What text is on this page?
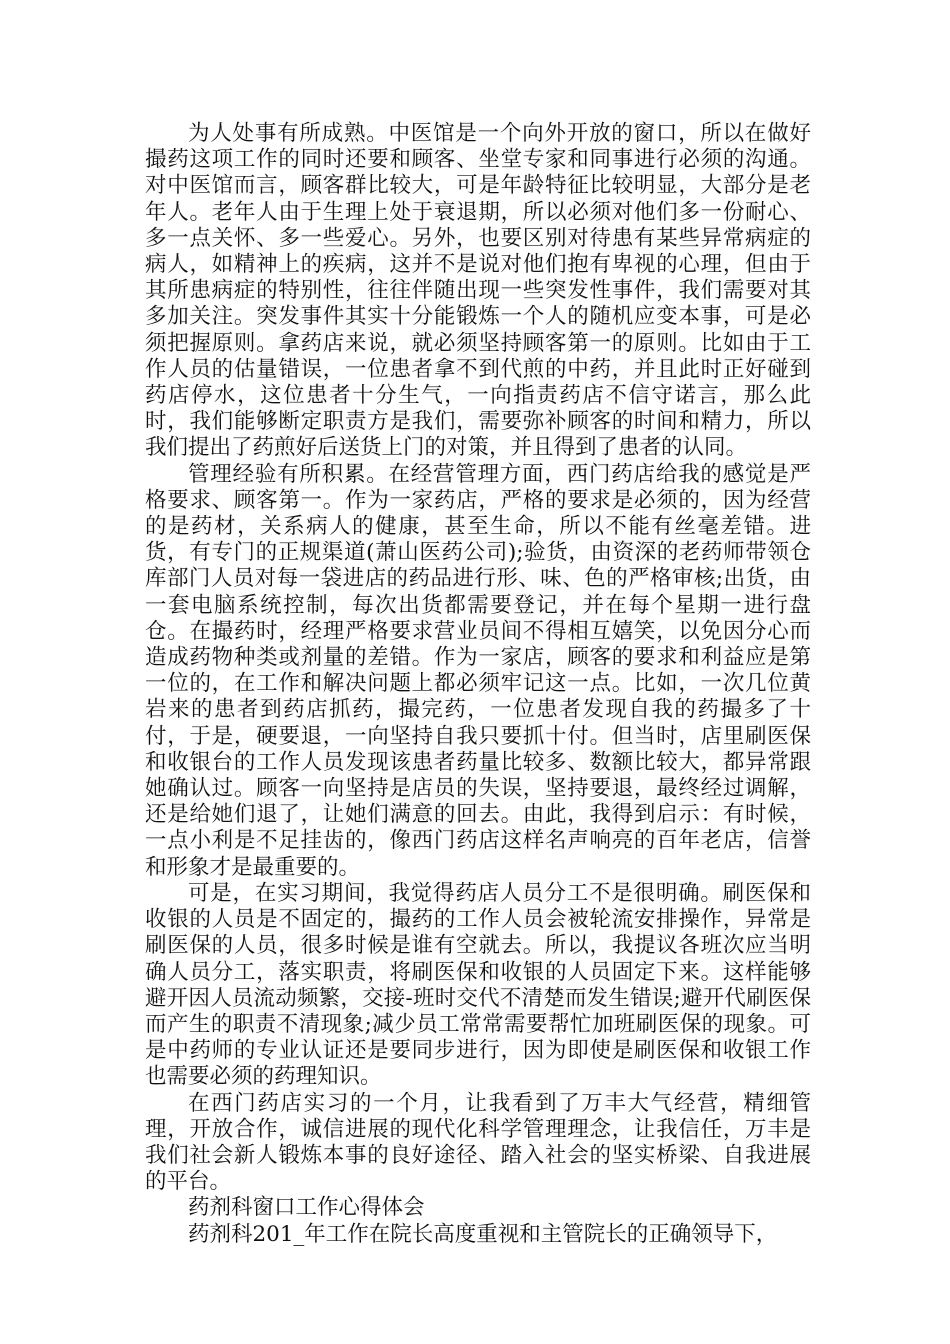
为人处事有所成熟。中医馆是一个向外开放的窗口，所以在做好撮药这项工作的同时还要和顾客、坐堂专家和同事进行必须的沟通。对中医馆而言，顾客群比较大，可是年龄特征比较明显，大部分是老年人。老年人由于生理上处于衰退期，所以必须对他们多一份耐心、多一点关怀、多一些爱心。另外，也要区别对待患有某些异常病症的病人，如精神上的疾病，这并不是说对他们抱有卑视的心理，但由于其所患病症的特别性，往往伴随出现一些突发性事件，我们需要对其多加关注。突发事件其实十分能锻炼一个人的随机应变本事，可是必须把握原则。拿药店来说，就必须坚持顾客第一的原则。比如由于工作人员的估量错误，一位患者拿不到代煎的中药，并且此时正好碰到药店停水，这位患者十分生气，一向指责药店不信守诺言，那么此时，我们能够断定职责方是我们，需要弥补顾客的时间和精力，所以我们提出了药煎好后送货上门的对策，并且得到了患者的认同。

管理经验有所积累。在经营管理方面，西门药店给我的感觉是严格要求、顾客第一。作为一家药店，严格的要求是必须的，因为经营的是药材，关系病人的健康，甚至生命，所以不能有丝毫差错。进货，有专门的正规渠道(萧山医药公司);验货，由资深的老药师带领仓库部门人员对每一袋进店的药品进行形、味、色的严格审核;出货，由一套电脑系统控制，每次出货都需要登记，并在每个星期一进行盘仓。在撮药时，经理严格要求营业员间不得相互嬉笑，以免因分心而造成药物种类或剂量的差错。作为一家店，顾客的要求和利益应是第一位的，在工作和解决问题上都必须牢记这一点。比如，一次几位黄岩来的患者到药店抓药，撮完药，一位患者发现自我的药撮多了十付，于是，硬要退，一向坚持自我只要抓十付。但当时，店里刷医保和收银台的工作人员发现该患者药量比较多、数额比较大，都异常跟她确认过。顾客一向坚持是店员的失误，坚持要退，最终经过调解，还是给她们退了，让她们满意的回去。由此，我得到启示：有时候，一点小利是不足挂齿的，像西门药店这样名声响亮的百年老店，信誉和形象才是最重要的。

可是，在实习期间，我觉得药店人员分工不是很明确。刷医保和收银的人员是不固定的，撮药的工作人员会被轮流安排操作，异常是刷医保的人员，很多时候是谁有空就去。所以，我提议各班次应当明确人员分工，落实职责，将刷医保和收银的人员固定下来。这样能够避开因人员流动频繁，交接-班时交代不清楚而发生错误;避开代刷医保而产生的职责不清现象;减少员工常常需要帮忙加班刷医保的现象。可是中药师的专业认证还是要同步进行，因为即使是刷医保和收银工作也需要必须的药理知识。

在西门药店实习的一个月，让我看到了万丰大气经营，精细管理，开放合作，诚信进展的现代化科学管理理念，让我信任，万丰是我们社会新人锻炼本事的良好途径、踏入社会的坚实桥梁、自我进展的平台。

药剂科窗口工作心得体会

药剂科201_年工作在院长高度重视和主管院长的正确领导下，
